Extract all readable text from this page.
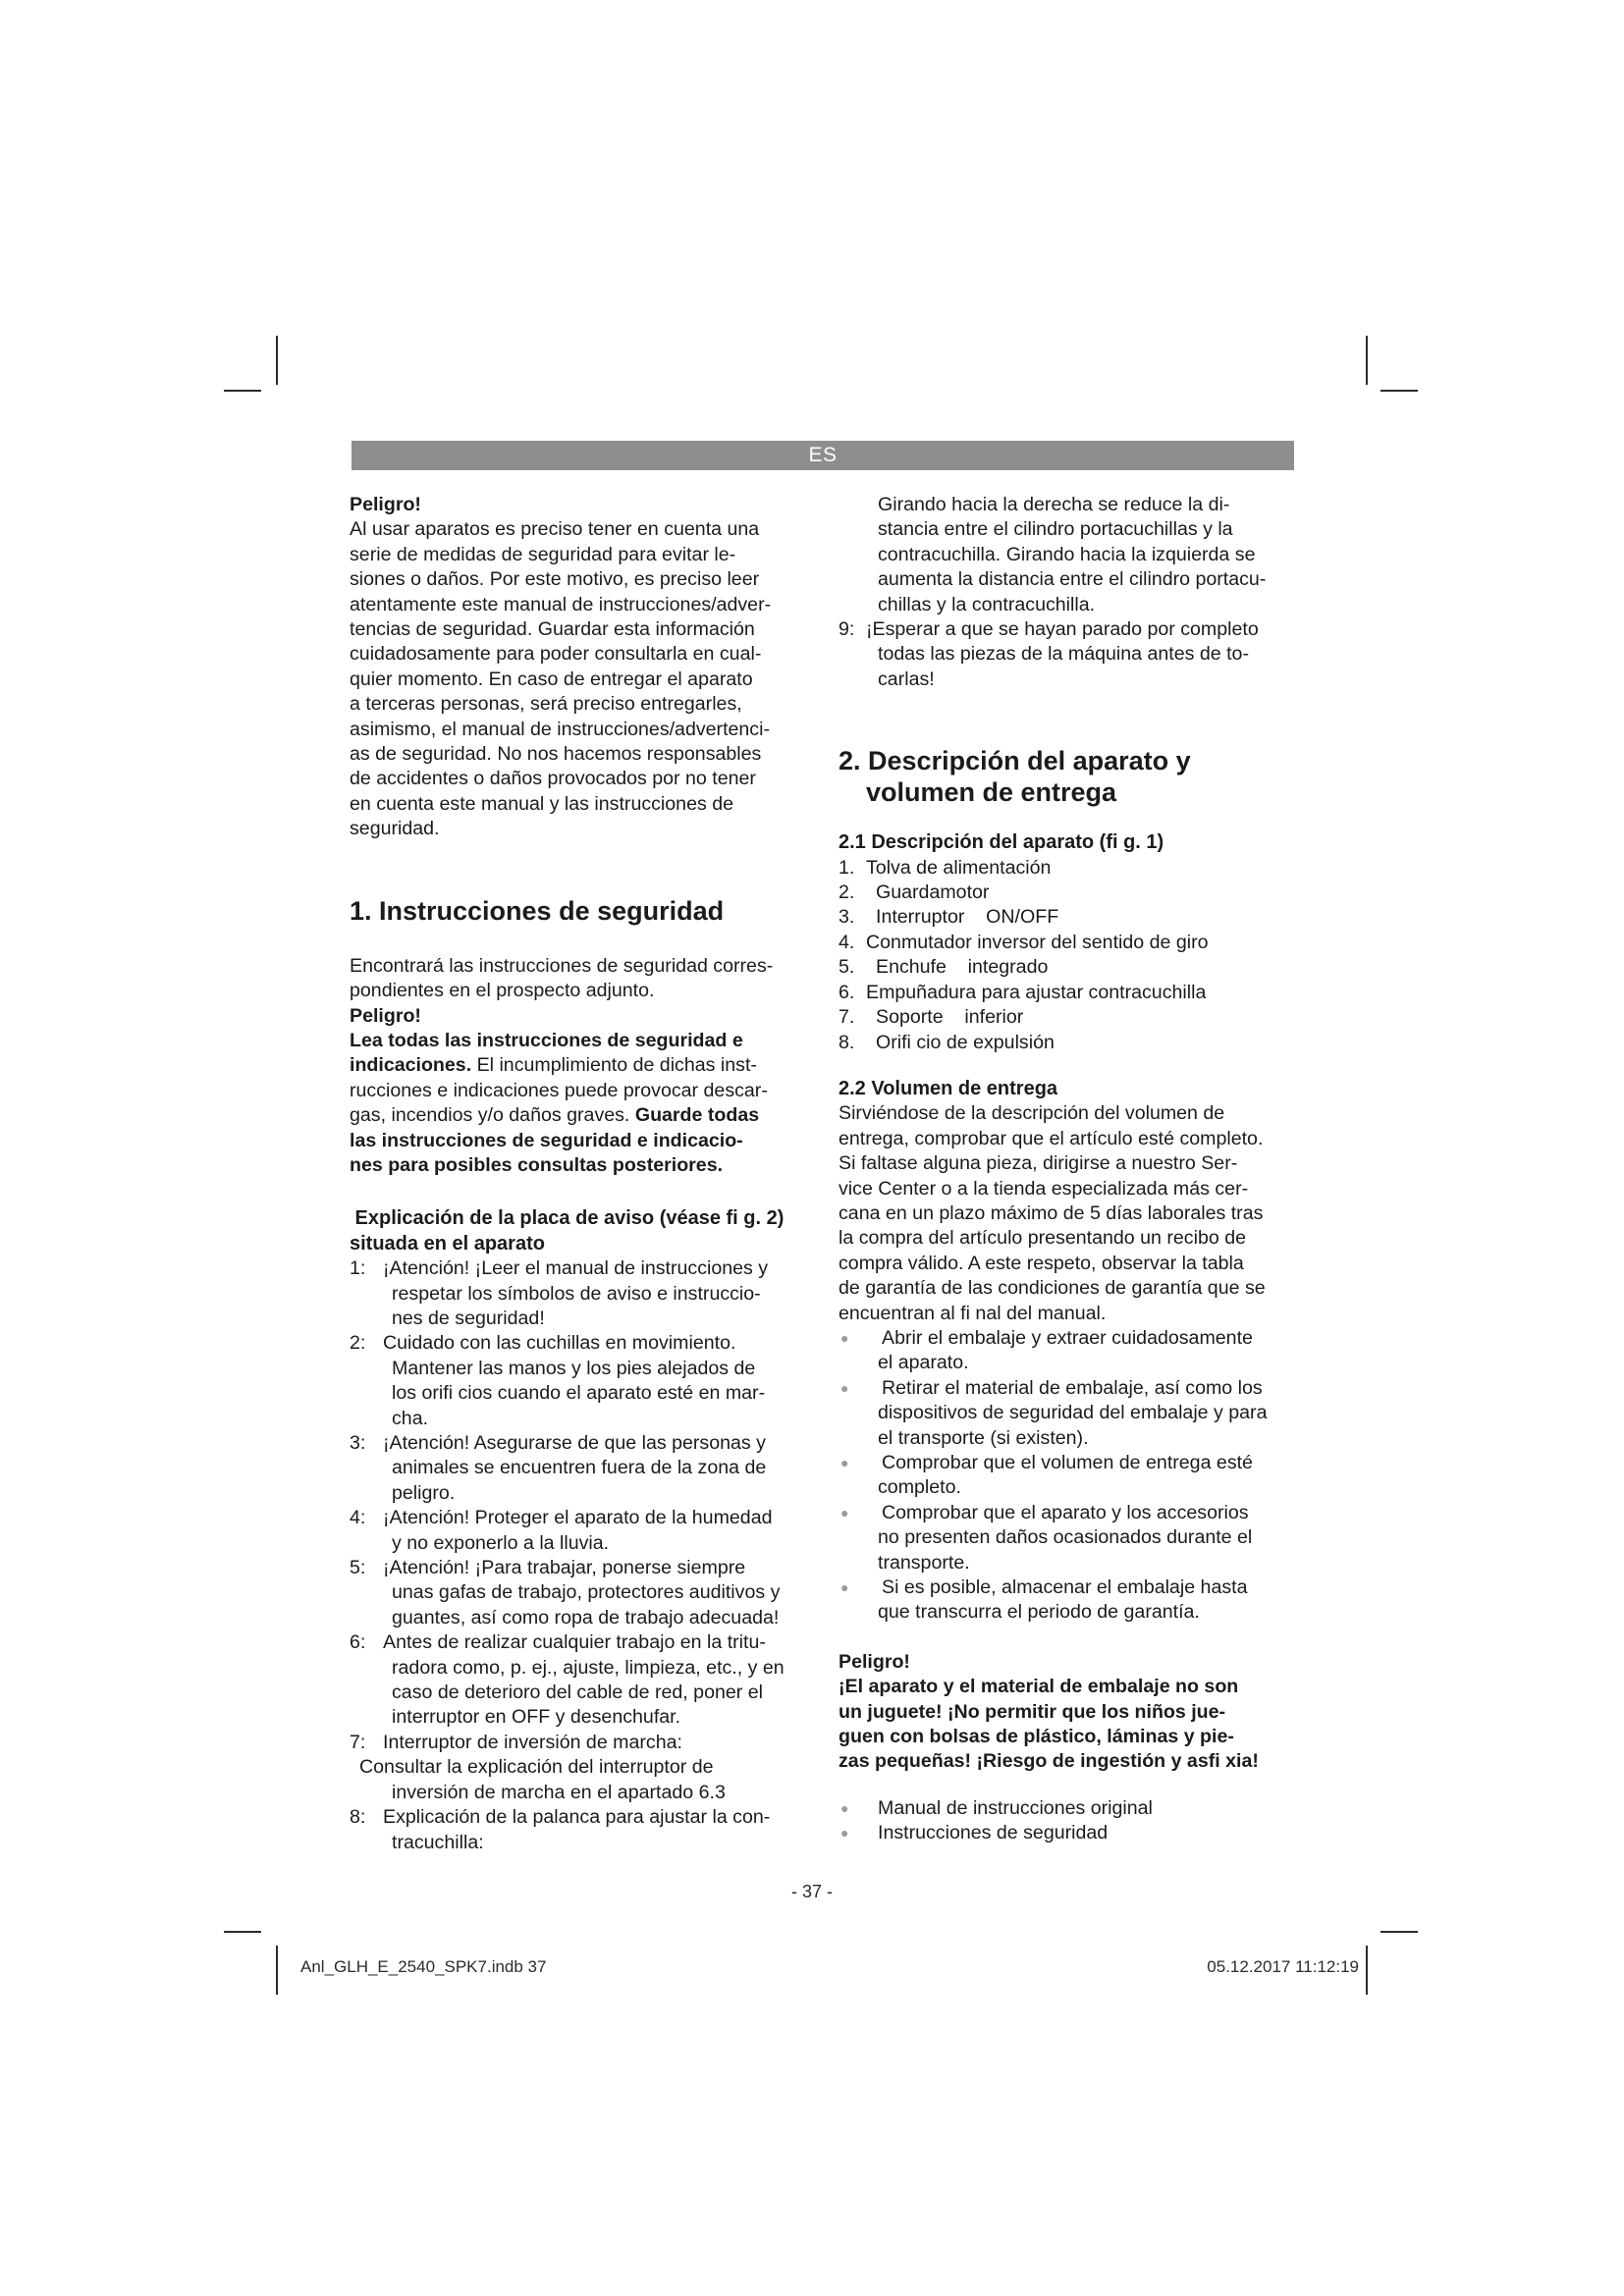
ES

Peligro!

Al usar aparatos es preciso tener en cuenta una

serie de medidas de seguridad para evitar le-

siones o daños. Por este motivo, es preciso leer

atentamente este manual de instrucciones/adver-

tencias de seguridad. Guardar esta información

cuidadosamente para poder consultarla en cual-

quier momento. En caso de entregar el aparato

a terceras personas, será preciso entregarles,

asimismo, el manual de instrucciones/advertenci-

as de seguridad. No nos hacemos responsables

de accidentes o daños provocados por no tener

en cuenta este manual y las instrucciones de

seguridad.

1. Instrucciones de seguridad

Encontrará las instrucciones de seguridad corres-

pondientes en el prospecto adjunto.

Peligro!

Lea todas las instrucciones de seguridad e

indicaciones. El incumplimiento de dichas inst-

rucciones e indicaciones puede provocar descar-

gas, incendios y/o daños graves. Guarde todas

las instrucciones de seguridad e indicacio-

nes para posibles consultas posteriores.

Explicación de la placa de aviso (véase fi g. 2)

situada en el aparato

1: ¡Atención! ¡Leer el manual de instrucciones y

respetar los símbolos de aviso e instruccio-

nes de seguridad!

2: Cuidado con las cuchillas en movimiento.

Mantener las manos y los pies alejados de

los orifi cios cuando el aparato esté en mar-

cha.

3: ¡Atención! Asegurarse de que las personas y

animales se encuentren fuera de la zona de

peligro.

4: ¡Atención! Proteger el aparato de la humedad

y no exponerlo a la lluvia.

5: ¡Atención! ¡Para trabajar, ponerse siempre

unas gafas de trabajo, protectores auditivos y

guantes, así como ropa de trabajo adecuada!

6: Antes de realizar cualquier trabajo en la tritu-

radora como, p. ej., ajuste, limpieza, etc., y en

caso de deterioro del cable de red, poner el

interruptor en OFF y desenchufar.

7: Interruptor de inversión de marcha:

Consultar la explicación del interruptor de

inversión de marcha en el apartado 6.3

8: Explicación de la palanca para ajustar la con-

tracuchilla:

Girando hacia la derecha se reduce la di-

stancia entre el cilindro portacuchillas y la

contracuchilla. Girando hacia la izquierda se

aumenta la distancia entre el cilindro portacu-

chillas y la contracuchilla.

9: ¡Esperar a que se hayan parado por completo

todas las piezas de la máquina antes de to-

carlas!

2. Descripción del aparato y

volumen de entrega

2.1 Descripción del aparato (fi g. 1)

1. Tolva de alimentación
2.	Guardamotor
3.	Interruptor    ON/OFF
4. Conmutador inversor del sentido de giro
5.	Enchufe    integrado
6. Empuñadura para ajustar contracuchilla
7.	Soporte    inferior
8.	Orifi cio de expulsión

2.2 Volumen de entrega

Sirviéndose de la descripción del volumen de

entrega, comprobar que el artículo esté completo.

Si faltase alguna pieza, dirigirse a nuestro Ser-

vice Center o a la tienda especializada más cer-

cana en un plazo máximo de 5 días laborales tras

la compra del artículo presentando un recibo de

compra válido. A este respeto, observar la tabla

de garantía de las condiciones de garantía que se

encuentran al fi nal del manual.

●	Abrir el embalaje y extraer cuidadosamente

el aparato.

●	Retirar el material de embalaje, así como los

dispositivos de seguridad del embalaje y para

el transporte (si existen).

●	Comprobar que el volumen de entrega esté

completo.

●	Comprobar que el aparato y los accesorios

no presenten daños ocasionados durante el

transporte.

●	Si es posible, almacenar el embalaje hasta

que transcurra el periodo de garantía.

Peligro!

¡El aparato y el material de embalaje no son

un juguete! ¡No permitir que los niños jue-

guen con bolsas de plástico, láminas y pie-

zas pequeñas! ¡Riesgo de ingestión y asfi xia!

●	Manual de instrucciones original
●	Instrucciones de seguridad
- 37 -
Anl_GLH_E_2540_SPK7.indb 37	05.12.2017 11:12:19
